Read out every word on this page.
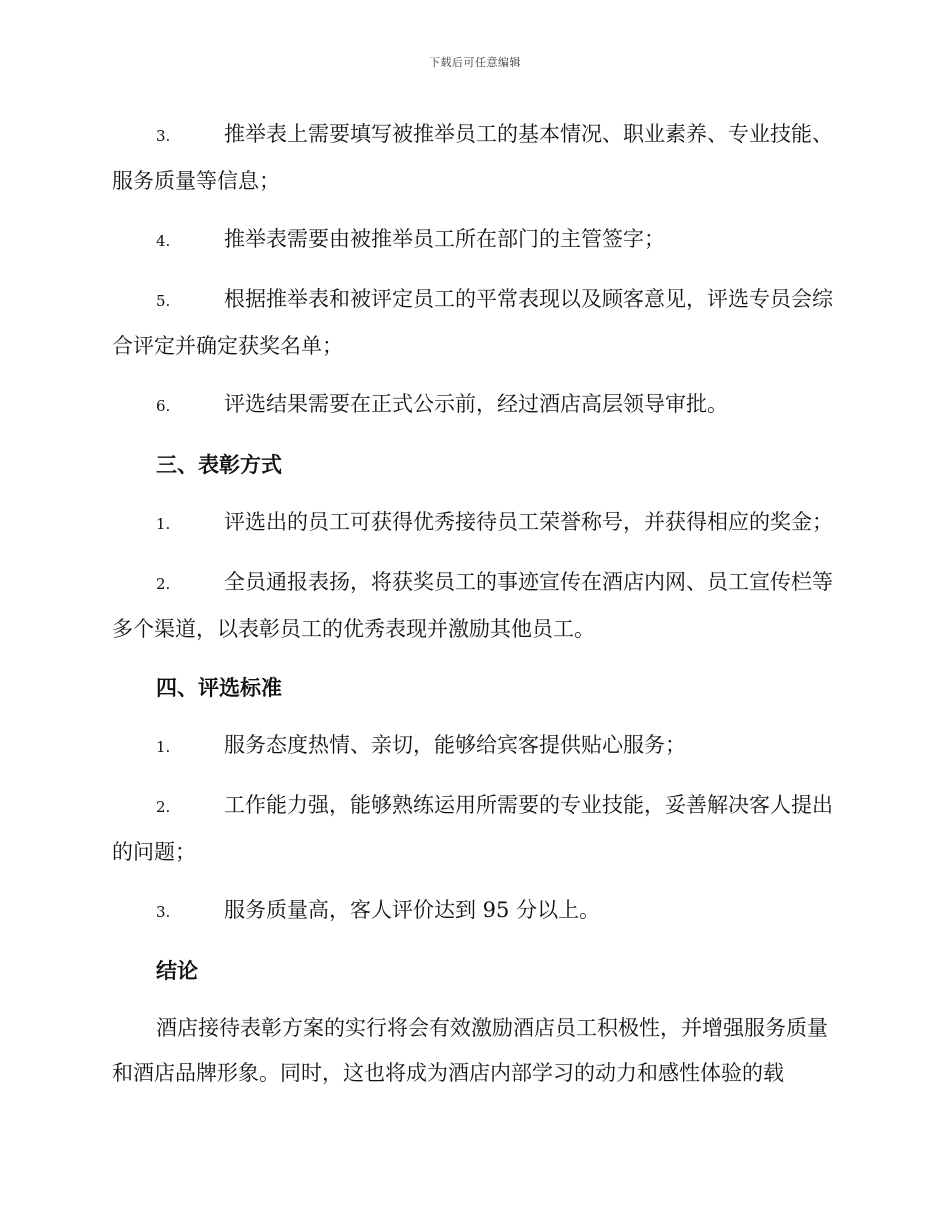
下载后可任意编辑
3.	推举表上需要填写被推举员工的基本情况、职业素养、专业技能、服务质量等信息；
4.	推举表需要由被推举员工所在部门的主管签字；
5.	根据推举表和被评定员工的平常表现以及顾客意见，评选专员会综合评定并确定获奖名单；
6.	评选结果需要在正式公示前，经过酒店高层领导审批。
三、表彰方式
1.	评选出的员工可获得优秀接待员工荣誉称号，并获得相应的奖金；
2.	全员通报表扬，将获奖员工的事迹宣传在酒店内网、员工宣传栏等多个渠道，以表彰员工的优秀表现并激励其他员工。
四、评选标准
1.	服务态度热情、亲切，能够给宾客提供贴心服务；
2.	工作能力强，能够熟练运用所需要的专业技能，妥善解决客人提出的问题；
3.	服务质量高，客人评价达到 95 分以上。
结论

酒店接待表彰方案的实行将会有效激励酒店员工积极性，并增强服务质量和酒店品牌形象。同时，这也将成为酒店内部学习的动力和感性体验的载
